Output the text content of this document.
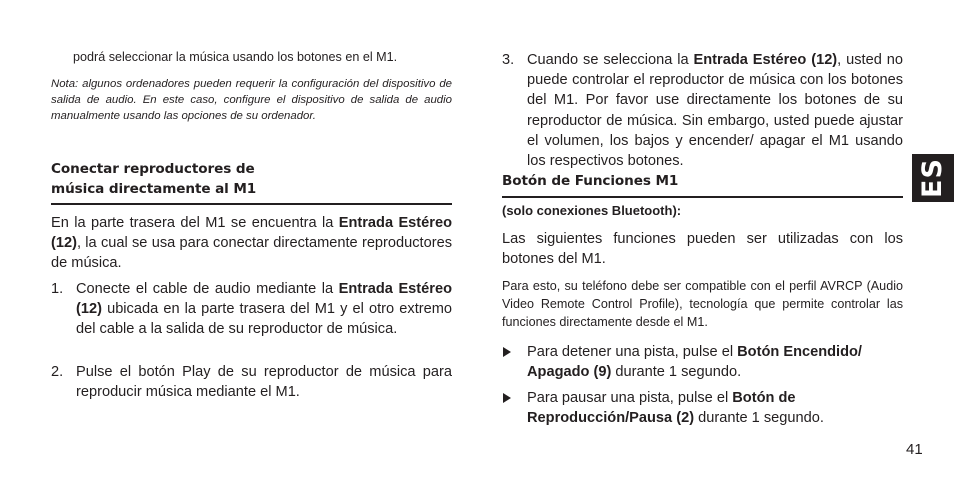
podrá seleccionar la música usando los botones en el M1.

Nota: algunos ordenadores pueden requerir la configuración del dispositivo de salida de audio. En este caso, configure el dispositivo de salida de audio manualmente usando las opciones de su ordenador.

Conectar reproductores de
música directamente al M1

En la parte trasera del M1 se encuentra la Entrada Estéreo (12), la cual se usa para conectar directamente reproductores de música.

1. Conecte el cable de audio mediante la Entrada Estéreo (12) ubicada en la parte trasera del M1 y el otro extremo del cable a la salida de su reproductor de música.

2. Pulse el botón Play de su reproductor de música para reproducir música mediante el M1.

3. Cuando se selecciona la Entrada Estéreo (12), usted no puede controlar el reproductor de música con los botones del M1. Por favor use directamente los botones de su reproductor de música. Sin embargo, usted puede ajustar el volumen, los bajos y encender/ apagar el M1 usando los respectivos botones.

Botón de Funciones M1

(solo conexiones Bluetooth):

Las siguientes funciones pueden ser utilizadas con los botones del M1.

Para esto, su teléfono debe ser compatible con el perfil AVRCP (Audio Video Remote Control Profile), tecnología que permite controlar las funciones directamente desde el M1.

Para detener una pista, pulse el Botón Encendido/ Apagado (9) durante 1 segundo.

Para pausar una pista, pulse el Botón de Reproducción/Pausa (2) durante 1 segundo.

ES
41
